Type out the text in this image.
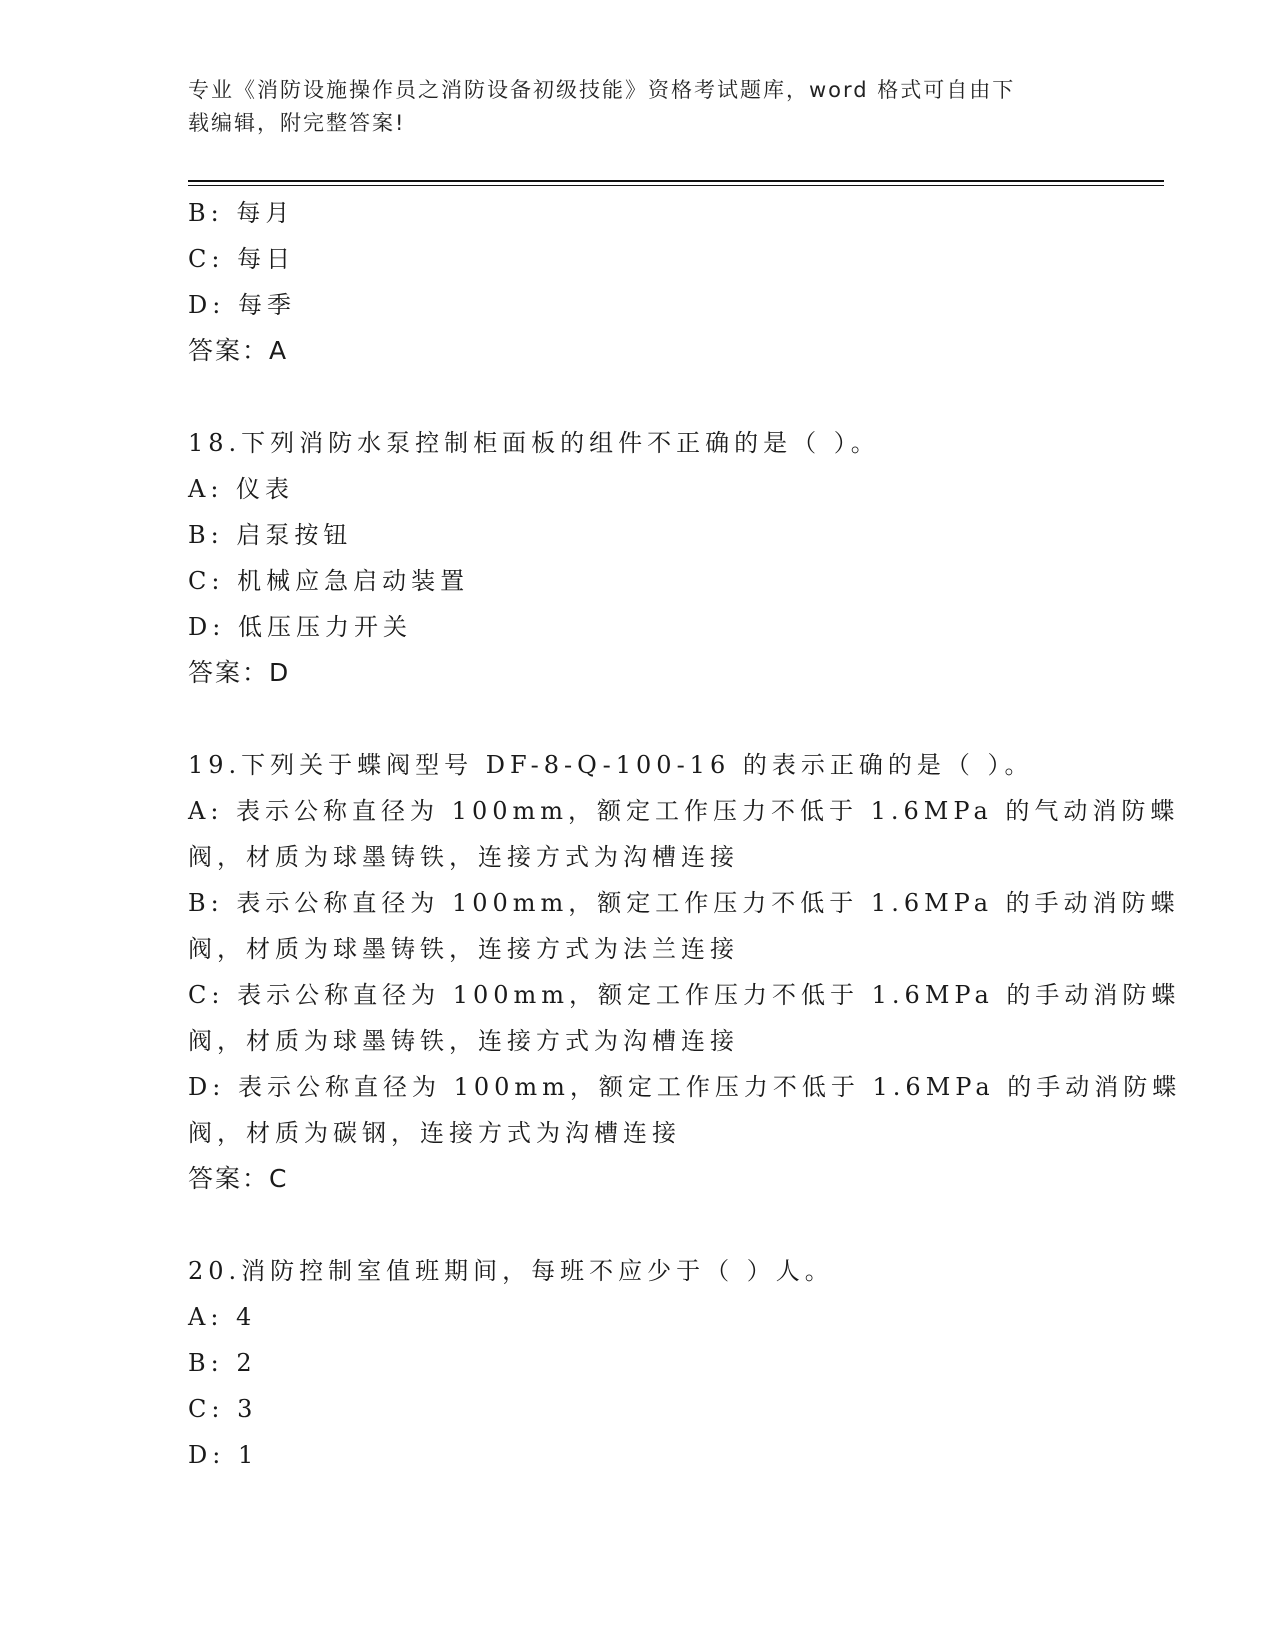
专业《消防设施操作员之消防设备初级技能》资格考试题库，word 格式可自由下
载编辑，附完整答案!
B: 每月
C: 每日
D: 每季
答案：A
18.下列消防水泵控制柜面板的组件不正确的是（ ）。
A: 仪表
B: 启泵按钮
C: 机械应急启动装置
D: 低压压力开关
答案：D
19.下列关于蝶阀型号 DF-8-Q-100-16 的表示正确的是（ ）。
A: 表示公称直径为 100mm，额定工作压力不低于 1.6MPa 的气动消防蝶
阀，材质为球墨铸铁，连接方式为沟槽连接
B: 表示公称直径为 100mm，额定工作压力不低于 1.6MPa 的手动消防蝶
阀，材质为球墨铸铁，连接方式为法兰连接
C: 表示公称直径为 100mm，额定工作压力不低于 1.6MPa 的手动消防蝶
阀，材质为球墨铸铁，连接方式为沟槽连接
D: 表示公称直径为 100mm，额定工作压力不低于 1.6MPa 的手动消防蝶
阀，材质为碳钢，连接方式为沟槽连接
答案：C
20.消防控制室值班期间，每班不应少于（ ）人。
A: 4
B: 2
C: 3
D: 1
